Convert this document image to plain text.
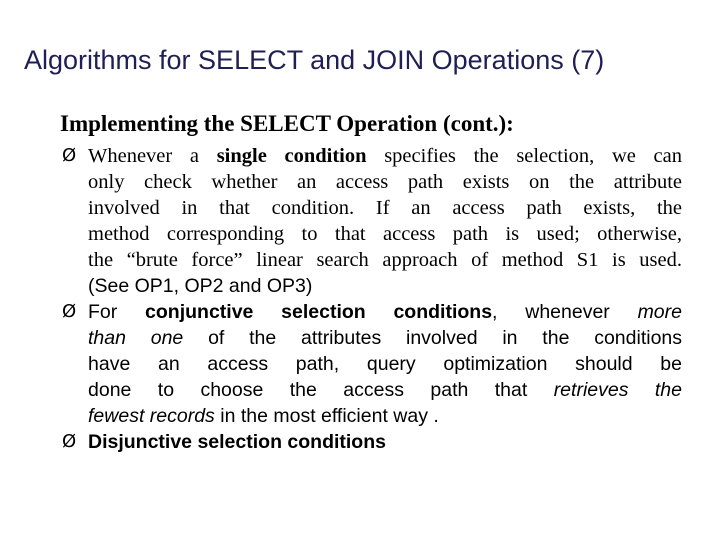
Algorithms for SELECT and JOIN Operations (7)
Implementing the SELECT Operation (cont.):
Ø Whenever a single condition specifies the selection, we can
only check whether an access path exists on the attribute
involved in that condition. If an access path exists, the
method corresponding to that access path is used; otherwise,
the “brute force” linear search approach of method S1 is used.
(See OP1, OP2 and OP3)
Ø For conjunctive selection conditions, whenever more
than one of the attributes involved in the conditions
have an access path, query optimization should be
done to choose the access path that retrieves the
fewest records in the most efficient way .
Ø Disjunctive selection conditions
